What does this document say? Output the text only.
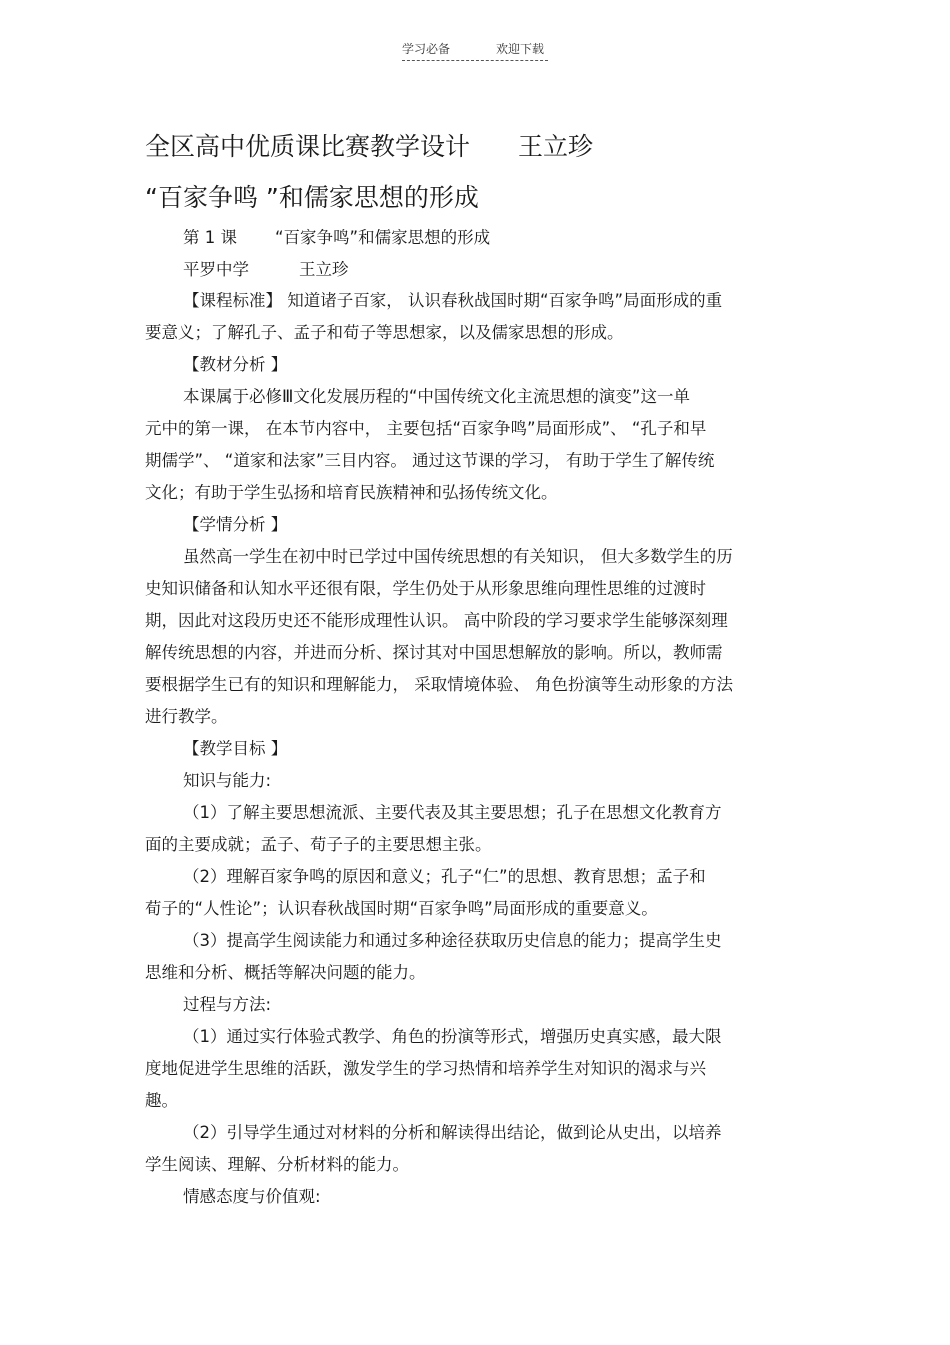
学习必备	欢迎下载
全区高中优质课比赛教学设计 王立珍
“百家争鸣 ”和儒家思想的形成
第 1 课 “百家争鸣”和儒家思想的形成
平罗中学	王立珍
【课程标准】 知道诸子百家， 认识春秋战国时期“百家争鸣”局面形成的重
要意义；了解孔子、孟子和荀子等思想家，以及儒家思想的形成。
【教材分析 】
本课属于必修Ⅲ文化发展历程的“中国传统文化主流思想的演变”这一单
元中的第一课， 在本节内容中， 主要包括“百家争鸣”局面形成”、 “孔子和早
期儒学”、 “道家和法家”三目内容。 通过这节课的学习， 有助于学生了解传统
文化；有助于学生弘扬和培育民族精神和弘扬传统文化。
【学情分析 】
虽然高一学生在初中时已学过中国传统思想的有关知识， 但大多数学生的历
史知识储备和认知水平还很有限，学生仍处于从形象思维向理性思维的过渡时
期，因此对这段历史还不能形成理性认识。 高中阶段的学习要求学生能够深刻理
解传统思想的内容，并进而分析、探讨其对中国思想解放的影响。所以，教师需
要根据学生已有的知识和理解能力， 采取情境体验、 角色扮演等生动形象的方法
进行教学。
【教学目标 】
知识与能力:
（1）了解主要思想流派、主要代表及其主要思想；孔子在思想文化教育方
面的主要成就；孟子、荀子子的主要思想主张。
（2）理解百家争鸣的原因和意义；孔子“仁”的思想、教育思想；孟子和
荀子的“人性论”；认识春秋战国时期“百家争鸣”局面形成的重要意义。
（3）提高学生阅读能力和通过多种途径获取历史信息的能力；提高学生史
思维和分析、概括等解决问题的能力。
过程与方法:
（1）通过实行体验式教学、角色的扮演等形式，增强历史真实感，最大限
度地促进学生思维的活跃，激发学生的学习热情和培养学生对知识的渴求与兴
趣。
（2）引导学生通过对材料的分析和解读得出结论，做到论从史出，以培养
学生阅读、理解、分析材料的能力。
情感态度与价值观:
